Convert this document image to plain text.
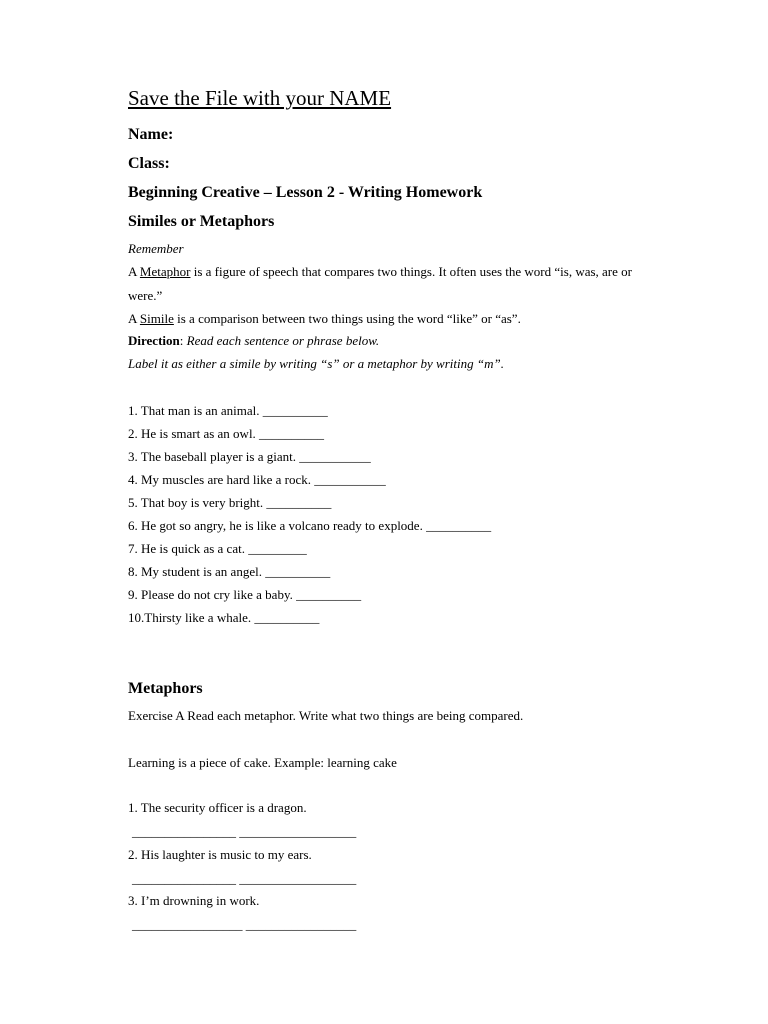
Save the File with your NAME
Name:
Class:
Beginning Creative – Lesson 2 - Writing Homework
Similes or Metaphors
Remember
A Metaphor is a figure of speech that compares two things. It often uses the word “is, was, are or
were.”
A Simile is a comparison between two things using the word “like” or “as”.
Direction: Read each sentence or phrase below.
Label it as either a simile by writing “s” or a metaphor by writing “m”.
1. That man is an animal. __________
2. He is smart as an owl. __________
3. The baseball player is a giant. ___________
4. My muscles are hard like a rock. ___________
5. That boy is very bright. __________
6. He got so angry, he is like a volcano ready to explode. __________
7. He is quick as a cat. _________
8. My student is an angel. __________
9. Please do not cry like a baby. __________
10.Thirsty like a whale. __________
Metaphors
Exercise A Read each metaphor. Write what two things are being compared.
Learning is a piece of cake. Example: learning cake
1. The security officer is a dragon.
________________ __________________
2. His laughter is music to my ears.
________________ __________________
3. I’m drowning in work.
_________________ _________________
